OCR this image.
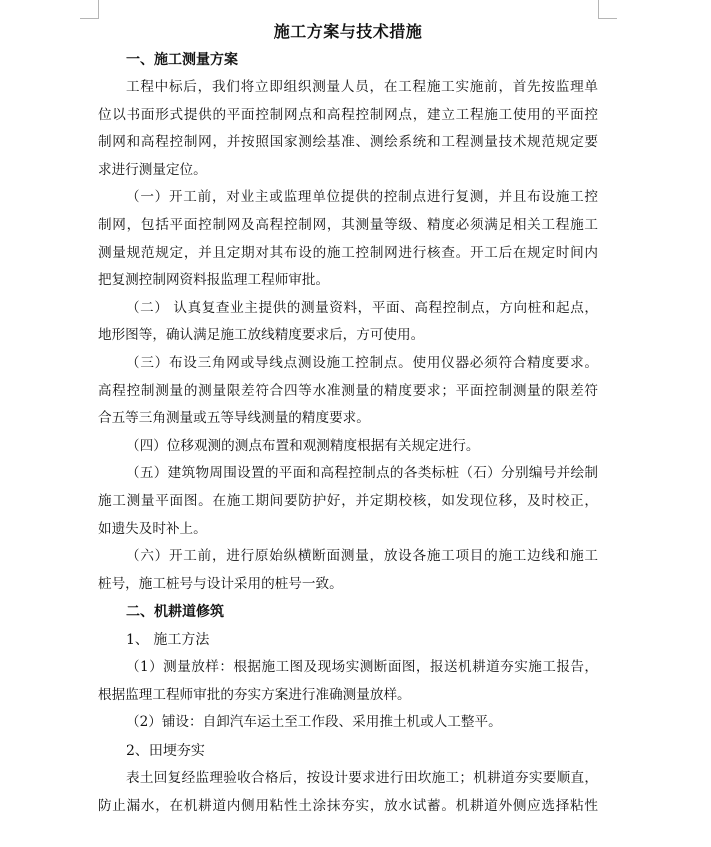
施工方案与技术措施
一、施工测量方案
工程中标后，我们将立即组织测量人员，在工程施工实施前，首先按监理单
位以书面形式提供的平面控制网点和高程控制网点，建立工程施工使用的平面控
制网和高程控制网，并按照国家测绘基准、测绘系统和工程测量技术规范规定要
求进行测量定位。
（一）开工前，对业主或监理单位提供的控制点进行复测，并且布设施工控
制网，包括平面控制网及高程控制网，其测量等级、精度必须满足相关工程施工
测量规范规定，并且定期对其布设的施工控制网进行核查。开工后在规定时间内
把复测控制网资料报监理工程师审批。
（二） 认真复查业主提供的测量资料，平面、高程控制点，方向桩和起点，
地形图等，确认满足施工放线精度要求后，方可使用。
（三）布设三角网或导线点测设施工控制点。使用仪器必须符合精度要求。
高程控制测量的测量限差符合四等水准测量的精度要求；平面控制测量的限差符
合五等三角测量或五等导线测量的精度要求。
（四）位移观测的测点布置和观测精度根据有关规定进行。
（五）建筑物周围设置的平面和高程控制点的各类标桩（石）分别编号并绘制
施工测量平面图。在施工期间要防护好，并定期校核，如发现位移，及时校正，
如遗失及时补上。
（六）开工前，进行原始纵横断面测量，放设各施工项目的施工边线和施工
桩号，施工桩号与设计采用的桩号一致。
二、机耕道修筑
1、 施工方法
（1）测量放样：根据施工图及现场实测断面图，报送机耕道夯实施工报告，
根据监理工程师审批的夯实方案进行准确测量放样。
（2）铺设：自卸汽车运土至工作段、采用推土机或人工整平。
2、田埂夯实
表土回复经监理验收合格后，按设计要求进行田坎施工；机耕道夯实要顺直，
防止漏水，在机耕道内侧用粘性土涂抹夯实，放水试蓄。机耕道外侧应选择粘性
